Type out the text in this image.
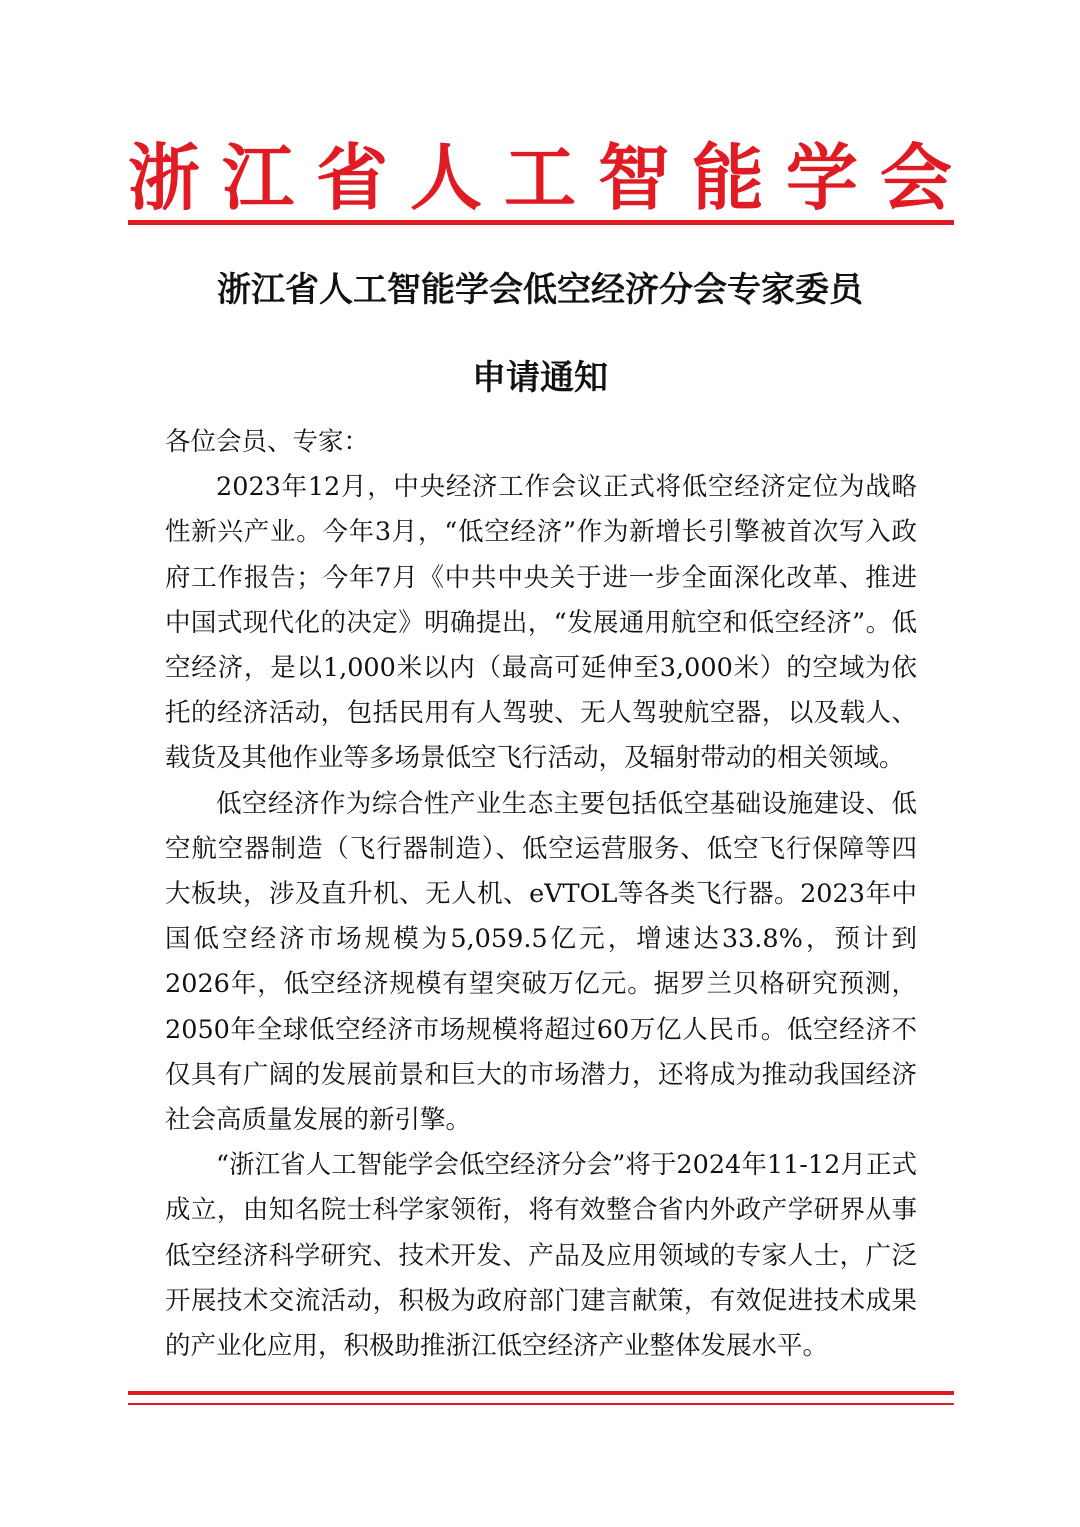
浙 江 省 人 工 智 能 学 会
浙江省人工智能学会低空经济分会专家委员
申请通知

各位会员、专家：

2023年12月，中央经济工作会议正式将低空经济定位为战略性新兴产业。今年3月，“低空经济”作为新增长引擎被首次写入政府工作报告；今年7月《中共中央关于进一步全面深化改革、推进中国式现代化的决定》明确提出，“发展通用航空和低空经济”。低空经济，是以1,000米以内（最高可延伸至3,000米）的空域为依托的经济活动，包括民用有人驾驶、无人驾驶航空器，以及载人、载货及其他作业等多场景低空飞行活动，及辐射带动的相关领域。

低空经济作为综合性产业生态主要包括低空基础设施建设、低空航空器制造（飞行器制造）、低空运营服务、低空飞行保障等四大板块，涉及直升机、无人机、eVTOL等各类飞行器。2023年中国低空经济市场规模为5,059.5亿元，增速达33.8%，预计到2026年，低空经济规模有望突破万亿元。据罗兰贝格研究预测，2050年全球低空经济市场规模将超过60万亿人民币。低空经济不仅具有广阔的发展前景和巨大的市场潜力，还将成为推动我国经济社会高质量发展的新引擎。

“浙江省人工智能学会低空经济分会”将于2024年11-12月正式成立，由知名院士科学家领衔，将有效整合省内外政产学研界从事低空经济科学研究、技术开发、产品及应用领域的专家人士，广泛开展技术交流活动，积极为政府部门建言献策，有效促进技术成果的产业化应用，积极助推浙江低空经济产业整体发展水平。
